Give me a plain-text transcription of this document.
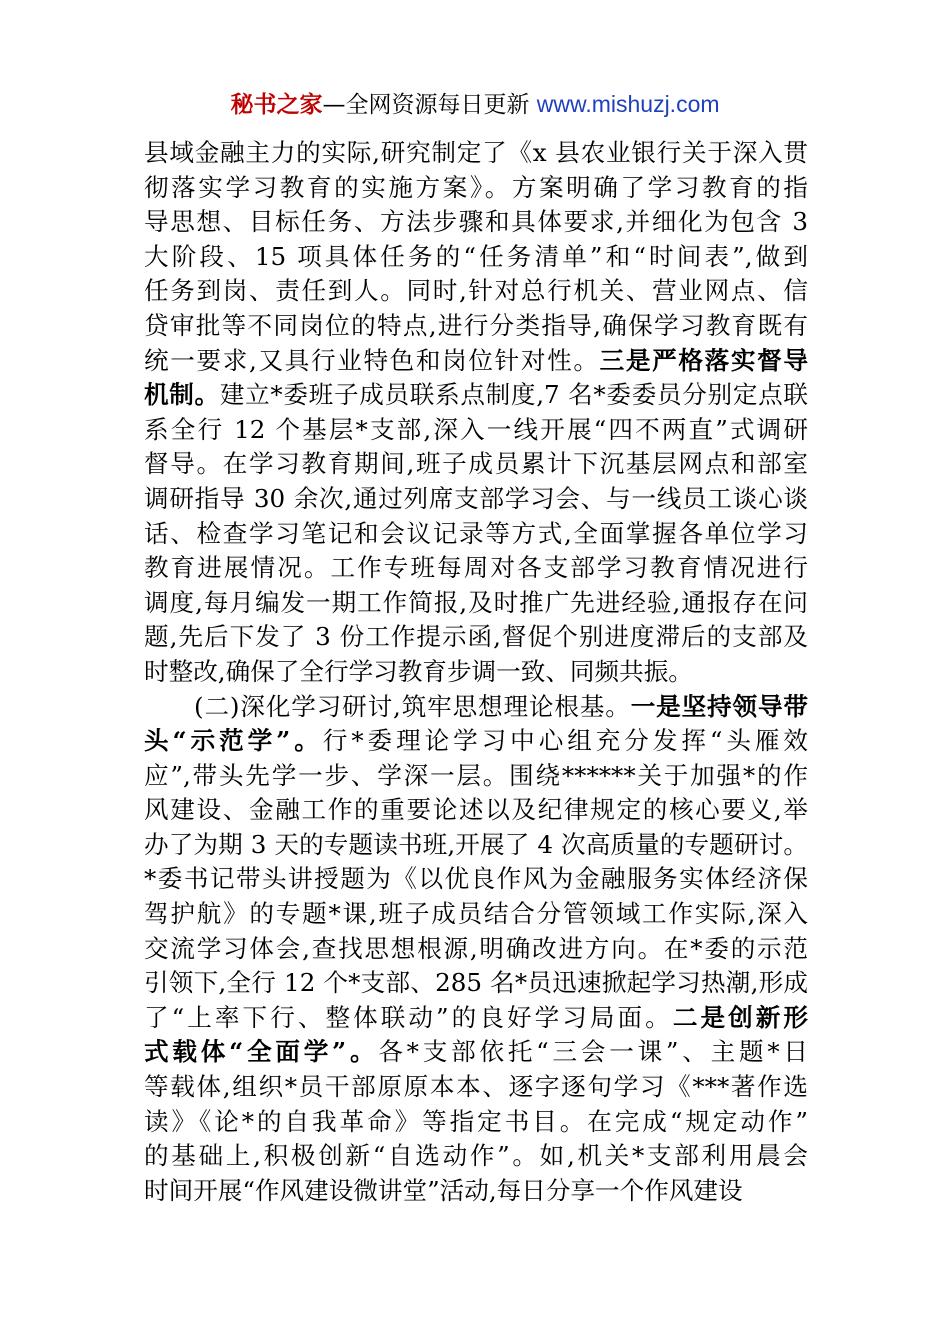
秘书之家—全网资源每日更新 www.mishuzj.com
县域金融主力的实际,研究制定了《x 县农业银行关于深入贯
彻落实学习教育的实施方案》。方案明确了学习教育的指
导思想、目标任务、方法步骤和具体要求,并细化为包含 3
大阶段、15 项具体任务的“任务清单”和“时间表”,做到
任务到岗、责任到人。同时,针对总行机关、营业网点、信
贷审批等不同岗位的特点,进行分类指导,确保学习教育既有
统一要求,又具行业特色和岗位针对性。三是严格落实督导
机制。建立*委班子成员联系点制度,7 名*委委员分别定点联
系全行 12 个基层*支部,深入一线开展“四不两直”式调研
督导。在学习教育期间,班子成员累计下沉基层网点和部室
调研指导 30 余次,通过列席支部学习会、与一线员工谈心谈
话、检查学习笔记和会议记录等方式,全面掌握各单位学习
教育进展情况。工作专班每周对各支部学习教育情况进行
调度,每月编发一期工作简报,及时推广先进经验,通报存在问
题,先后下发了 3 份工作提示函,督促个别进度滞后的支部及
时整改,确保了全行学习教育步调一致、同频共振。
(二)深化学习研讨,筑牢思想理论根基。一是坚持领导带
头“示范学”。行*委理论学习中心组充分发挥“头雁效
应”,带头先学一步、学深一层。围绕******关于加强*的作
风建设、金融工作的重要论述以及纪律规定的核心要义,举
办了为期 3 天的专题读书班,开展了 4 次高质量的专题研讨。
*委书记带头讲授题为《以优良作风为金融服务实体经济保
驾护航》的专题*课,班子成员结合分管领域工作实际,深入
交流学习体会,查找思想根源,明确改进方向。在*委的示范
引领下,全行 12 个*支部、285 名*员迅速掀起学习热潮,形成
了“上率下行、整体联动”的良好学习局面。二是创新形
式载体“全面学”。各*支部依托“三会一课”、主题*日
等载体,组织*员干部原原本本、逐字逐句学习《***著作选
读》《论*的自我革命》等指定书目。在完成“规定动作”
的基础上,积极创新“自选动作”。如,机关*支部利用晨会
时间开展“作风建设微讲堂”活动,每日分享一个作风建设
